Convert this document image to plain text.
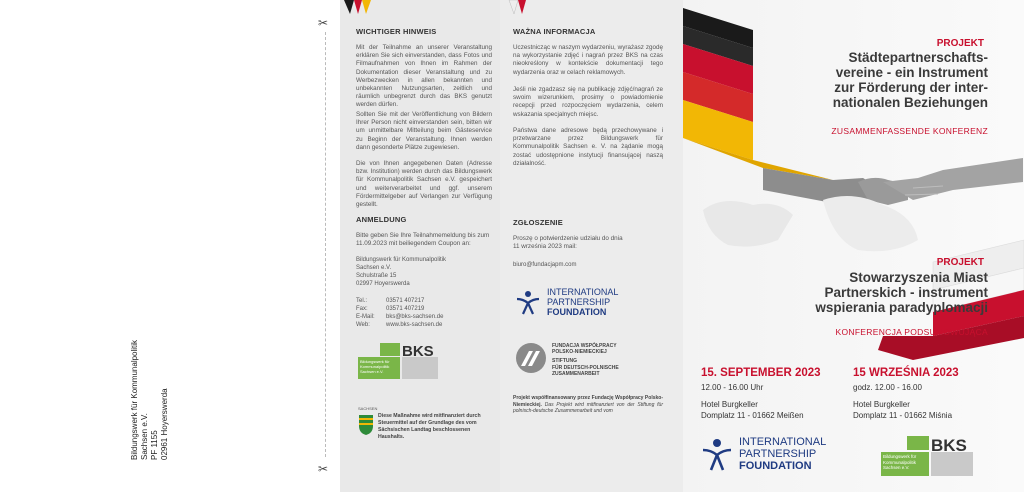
✂
✂
Bildungswerk für Kommunalpolitik Sachsen e.V. PF 1155 02961 Hoyerswerda
WICHTIGER HINWEIS
Mit der Teilnahme an unserer Veranstaltung erklären Sie sich einverstanden, dass Fotos und Filmaufnahmen von Ihnen im Rahmen der Dokumentation dieser Veranstaltung und zu Werbezwecken in allen bekannten und unbekannten Nutzungsarten, zeitlich und räumlich unbegrenzt durch das BKS genutzt werden dürfen.
Sollten Sie mit der Veröffentlichung von Bildern Ihrer Person nicht einverstanden sein, bitten wir um unmittelbare Mitteilung beim Gästeservice zu Beginn der Veranstaltung. Ihnen werden dann gesonderte Plätze zugewiesen.
Die von Ihnen angegebenen Daten (Adresse bzw. Institution) werden durch das Bildungswerk für Kommunalpolitik Sachsen e.V. gespeichert und weiterverarbeitet und ggf. unserem Fördermittelgeber auf Verlangen zur Verfügung gestellt.
ANMELDUNG
Bitte geben Sie Ihre Teilnahmemeldung bis zum 11.09.2023 mit beiliegendem Coupon an:
Bildungswerk für Kommunalpolitik
Sachsen e.V.
Schulstraße 15
02997 Hoyerswerda
Tel.:	03571 407217
Fax:	03571 407219
E-Mail: bks@bks-sachsen.de
Web:	www.bks-sachsen.de
BKS
Bildungswerk für Kommunalpolitik Sachsen e.V.
SACHSEN
Diese Maßnahme wird mitfinanziert durch Steuermittel auf der Grundlage des vom Sächsischen Landtag beschlossenen Haushalts.
WAŻNA INFORMACJA
Uczestnicząc w naszym wydarzeniu, wyrażasz zgodę na wykorzystanie zdjęć i nagrań przez BKS na czas nieokreślony w kontekście dokumentacji tego wydarzenia oraz w celach reklamowych.
Jeśli nie zgadzasz się na publikację zdjęć/nagrań ze swoim wizerunkiem, prosimy o powiadomienie recepcji przed rozpoczęciem wydarzenia, celem wskazania specjalnych miejsc.
Państwa dane adresowe będą przechowywane i przetwarzane przez Bildungswerk für Kommunalpolitik Sachsen e. V. na żądanie mogą zostać udostępnione instytucji finansującej naszą działalność.
ZGŁOSZENIE
Proszę o potwierdzenie udziału do dnia 11 września 2023 mail:
biuro@fundacjapm.com
INTERNATIONAL
PARTNERSHIP
FOUNDATION
FUNDACJA WSPÓŁPRACY
POLSKO-NIEMIECKIEJ
STIFTUNG
FÜR DEUTSCH-POLNISCHE
ZUSAMMENARBEIT
Projekt współfinansowany przez Fundację Współpracy Polsko-Niemieckiej. Das Projekt wird mitfinanziert von der Stiftung für polnisch-deutsche Zusammenarbeit und vom
PROJEKT
Städtepartnerschafts-
vereine - ein Instrument
zur Förderung der inter-
nationalen Beziehungen
ZUSAMMENFASSENDE KONFERENZ
PROJEKT
Stowarzyszenia Miast
Partnerskich - instrument
wspierania paradyplomacji
KONFERENCJA PODSUMOWUJĄCA
15. SEPTEMBER 2023
12.00 - 16.00 Uhr
Hotel Burgkeller
Domplatz 11 - 01662 Meißen
15 WRZEŚNIA 2023
godz. 12.00 - 16.00
Hotel Burgkeller
Domplatz 11 - 01662 Miśnia
INTERNATIONAL
PARTNERSHIP
FOUNDATION
BKS
Bildungswerk für Kommunalpolitik Sachsen e.V.
